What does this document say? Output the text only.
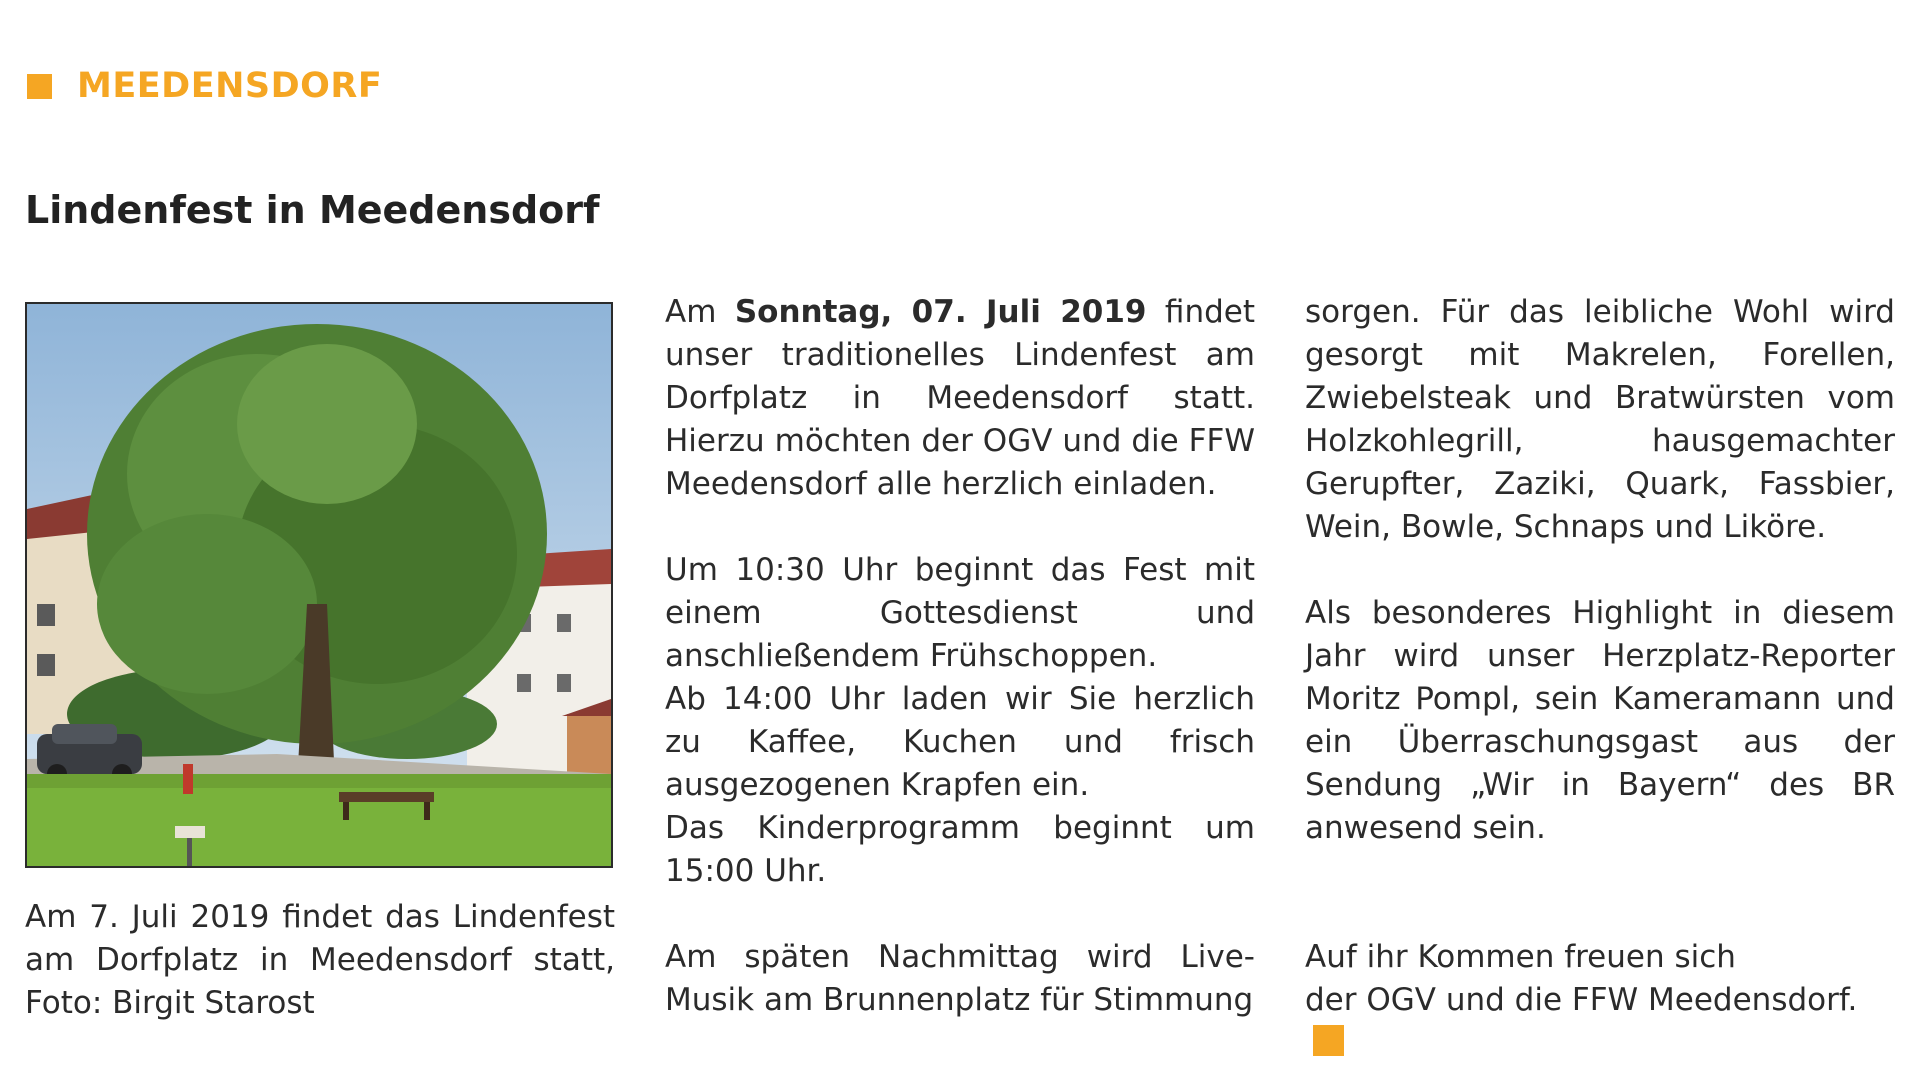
MEEDENSDORF
Lindenfest in Meedensdorf
Am 7. Juli 2019 findet das Lindenfest am Dorfplatz in Meedensdorf statt, Foto: Birgit Starost

Am Sonntag, 07. Juli 2019 findet unser traditionelles Lindenfest am Dorfplatz in Meedensdorf statt. Hierzu möchten der OGV und die FFW Meedensdorf alle herzlich einladen.

Um 10:30 Uhr beginnt das Fest mit einem Gottesdienst und anschließendem Frühschoppen.

Ab 14:00 Uhr laden wir Sie herzlich zu Kaffee, Kuchen und frisch ausgezogenen Krapfen ein.

Das Kinderprogramm beginnt um 15:00 Uhr.

Am späten Nachmittag wird Live-Musik am Brunnenplatz für Stimmung

sorgen. Für das leibliche Wohl wird gesorgt mit Makrelen, Forellen, Zwiebelsteak und Bratwürsten vom Holzkohlegrill, hausgemachter Gerupfter, Zaziki, Quark, Fassbier, Wein, Bowle, Schnaps und Liköre.

Als besonderes Highlight in diesem Jahr wird unser Herzplatz-Reporter Moritz Pompl, sein Kameramann und ein Überraschungsgast aus der Sendung „Wir in Bayern“ des BR anwesend sein.

Auf ihr Kommen freuen sich
der OGV und die FFW Meedensdorf.
